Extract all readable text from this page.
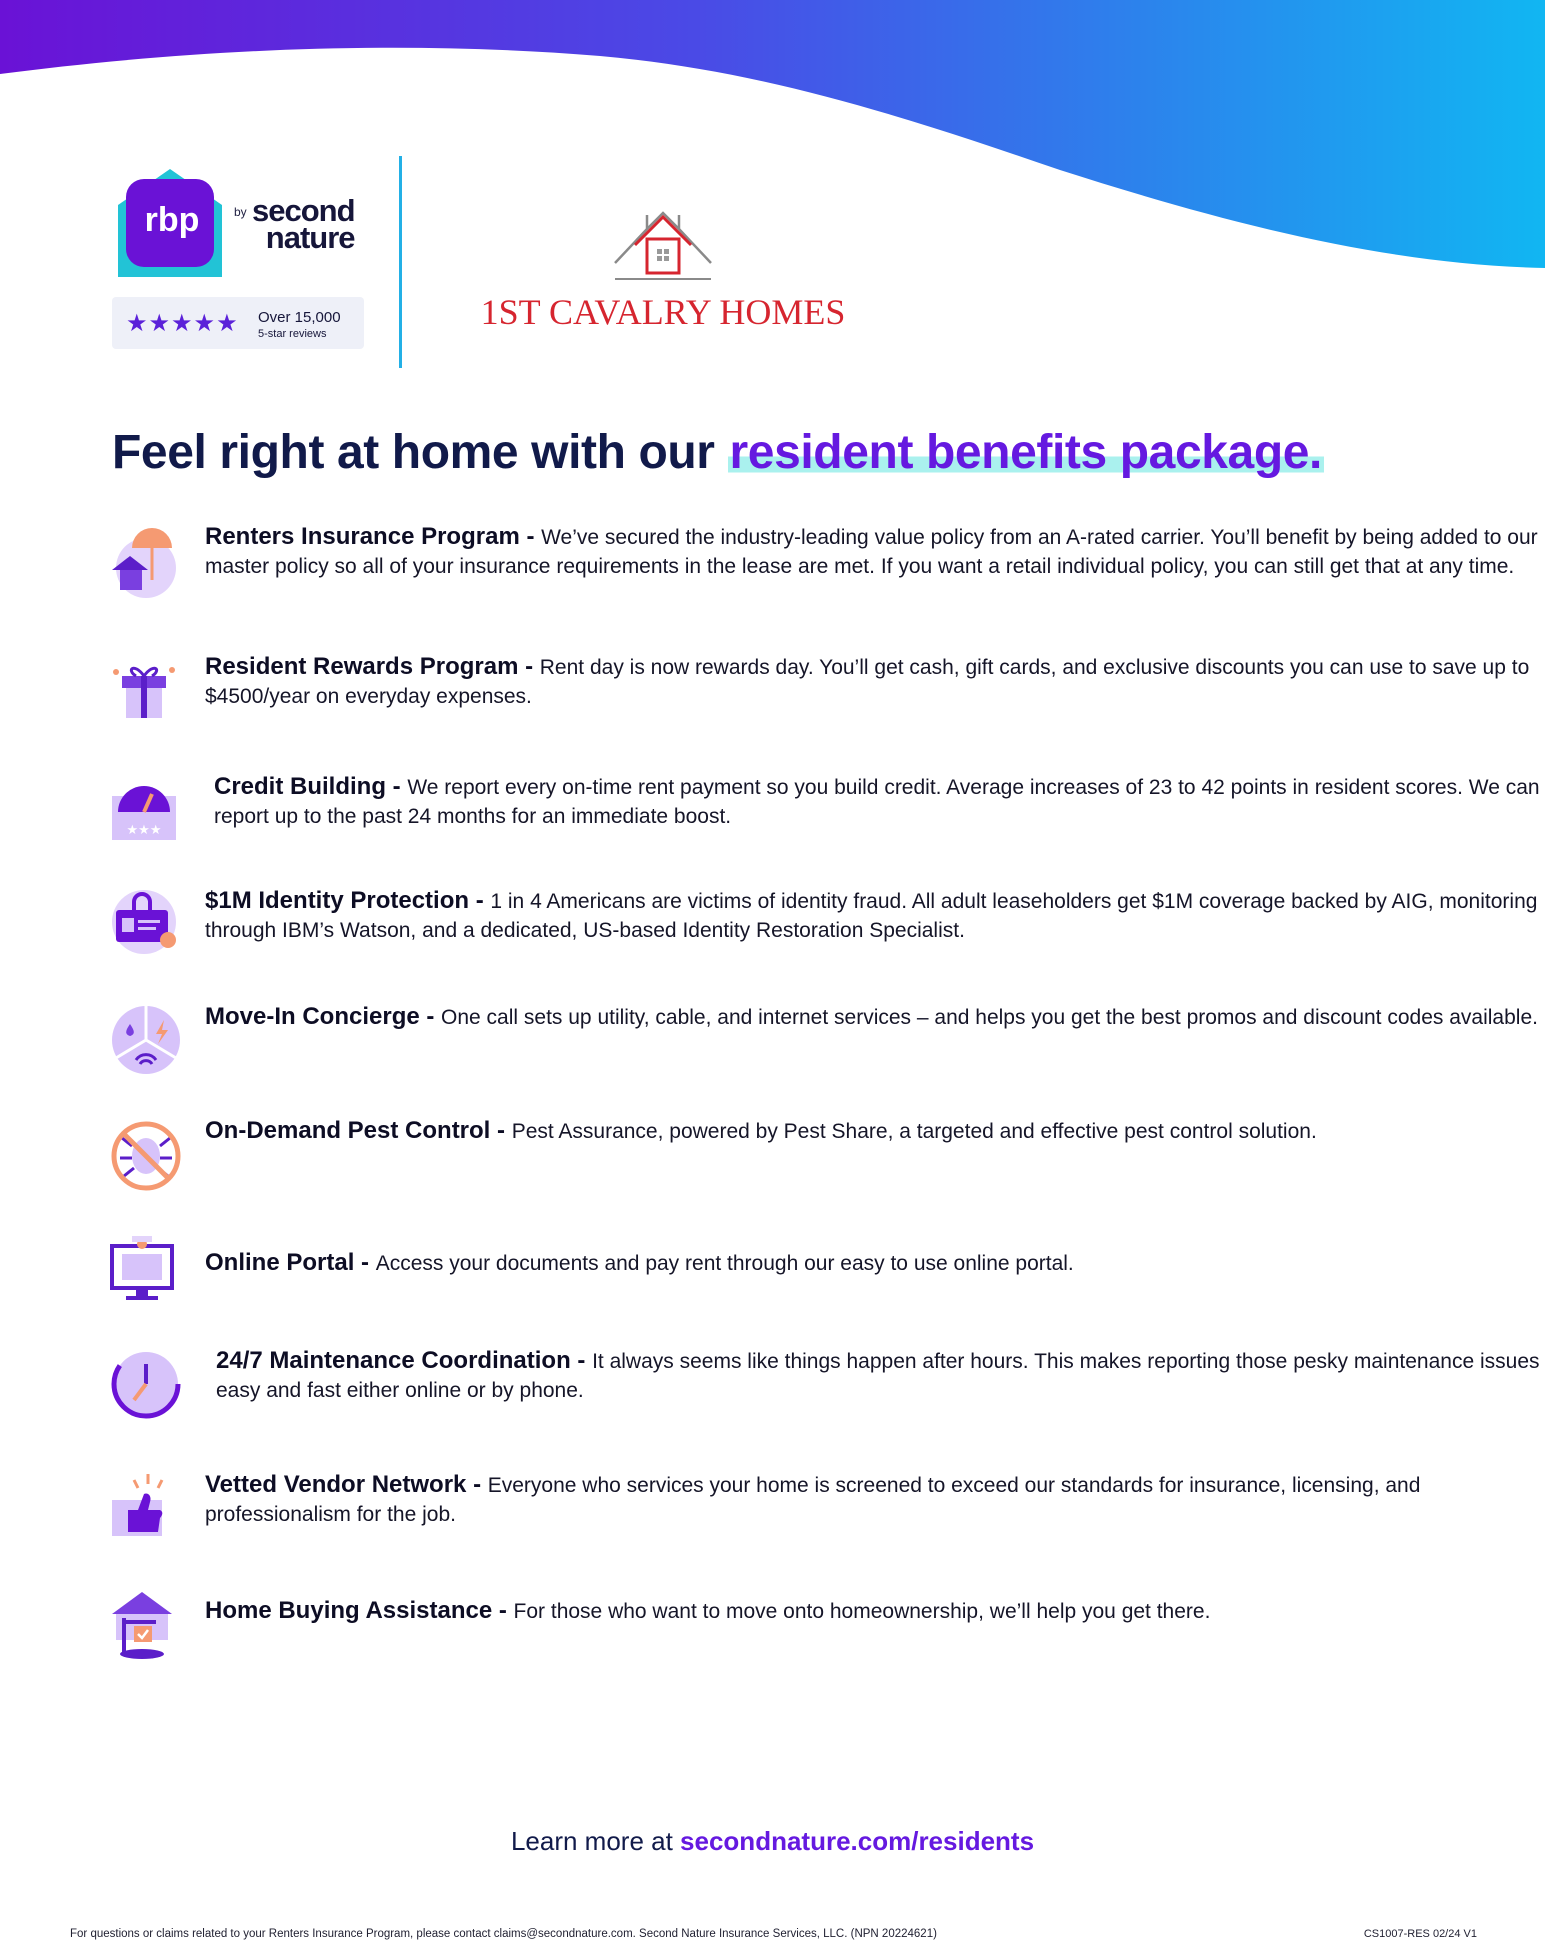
rbp	by second
nature
★★★★★ Over 15,000
5-star reviews
1ST CAVALRY HOMES
Feel right at home with our resident benefits package.
Renters Insurance Program - We’ve secured the industry-leading value policy from an A-rated carrier. You’ll benefit by being added to our master policy so all of your insurance requirements in the lease are met. If you want a retail individual policy, you can still get that at any time.
Resident Rewards Program - Rent day is now rewards day. You’ll get cash, gift cards, and exclusive discounts you can use to save up to $4500/year on everyday expenses.
★★★
Credit Building - We report every on-time rent payment so you build credit. Average increases of 23 to 42 points in resident scores. We can report up to the past 24 months for an immediate boost.
$1M Identity Protection - 1 in 4 Americans are victims of identity fraud. All adult leaseholders get $1M coverage backed by AIG, monitoring through IBM’s Watson, and a dedicated, US-based Identity Restoration Specialist.
Move-In Concierge - One call sets up utility, cable, and internet services – and helps you get the best promos and discount codes available.
On-Demand Pest Control - Pest Assurance, powered by Pest Share, a targeted and effective pest control solution.
Online Portal - Access your documents and pay rent through our easy to use online portal.
24/7 Maintenance Coordination - It always seems like things happen after hours. This makes reporting those pesky maintenance issues easy and fast either online or by phone.
Vetted Vendor Network - Everyone who services your home is screened to exceed our standards for insurance, licensing, and professionalism for the job.
Home Buying Assistance - For those who want to move onto homeownership, we’ll help you get there.
Learn more at secondnature.com/residents
For questions or claims related to your Renters Insurance Program, please contact claims@secondnature.com. Second Nature Insurance Services, LLC. (NPN 20224621)	CS1007-RES 02/24 V1
